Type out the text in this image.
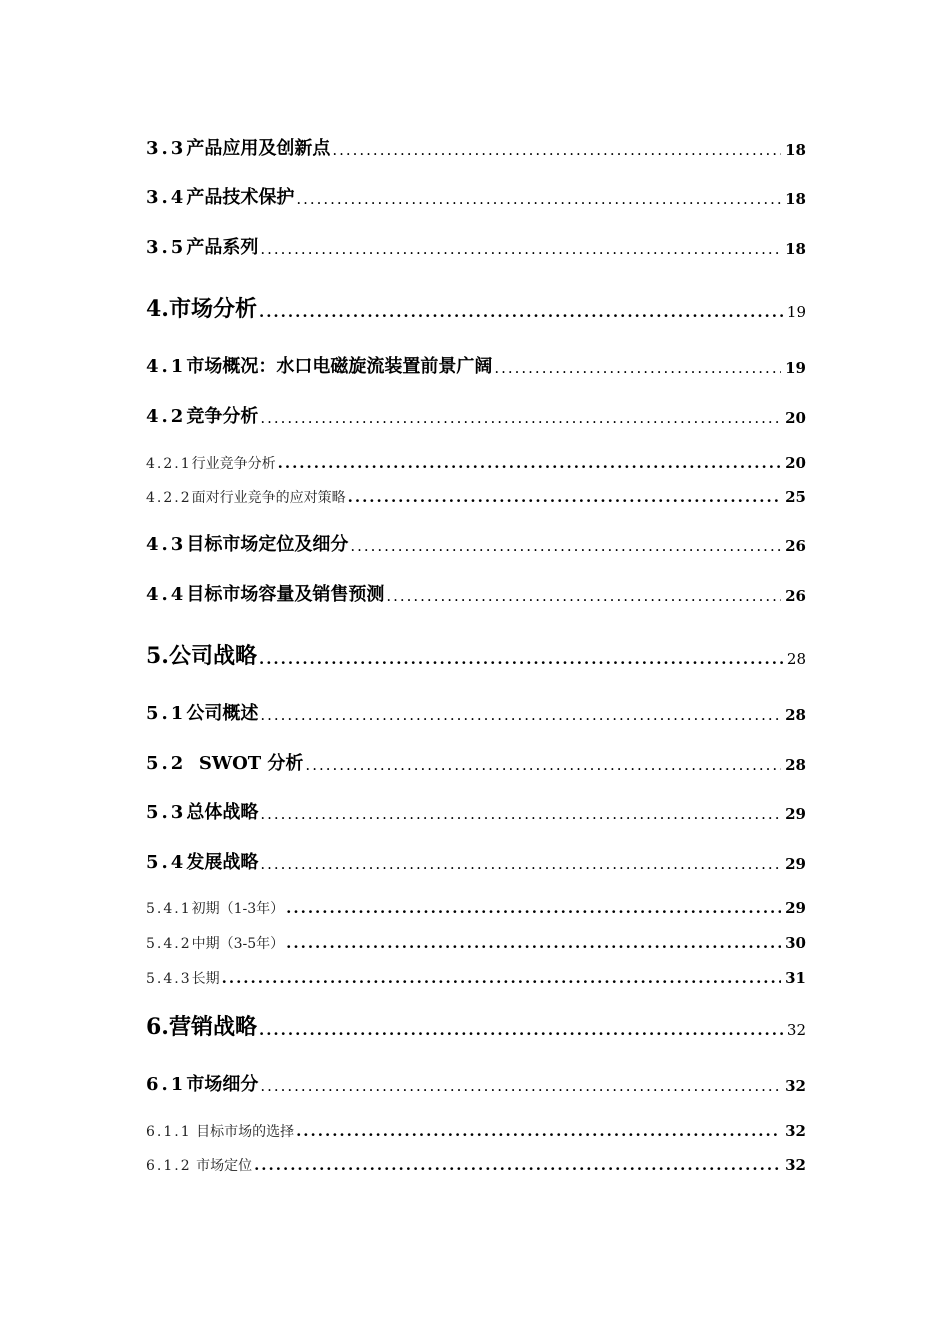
3.3 产品应用及创新点 .....	18
3.4 产品技术保护 .....	18
3.5 产品系列 .....	18
4. 市场分析 .....	19
4.1 市场概况：水口电磁旋流装置前景广阔 .....	19
4.2 竞争分析 .....	20
4.2.1 行业竞争分析 .....	20
4.2.2 面对行业竞争的应对策略 .....	25
4.3 目标市场定位及细分 .....	26
4.4 目标市场容量及销售预测 .....	26
5. 公司战略 .....	28
5.1 公司概述 .....	28
5.2 SWOT 分析 .....	28
5.3 总体战略 .....	29
5.4 发展战略 .....	29
5.4.1 初期（1-3年） .....	29
5.4.2 中期（3-5年） .....	30
5.4.3 长期 .....	31
6. 营销战略 .....	32
6.1 市场细分 .....	32
6.1.1 目标市场的选择 .....	32
6.1.2 市场定位 .....	32
